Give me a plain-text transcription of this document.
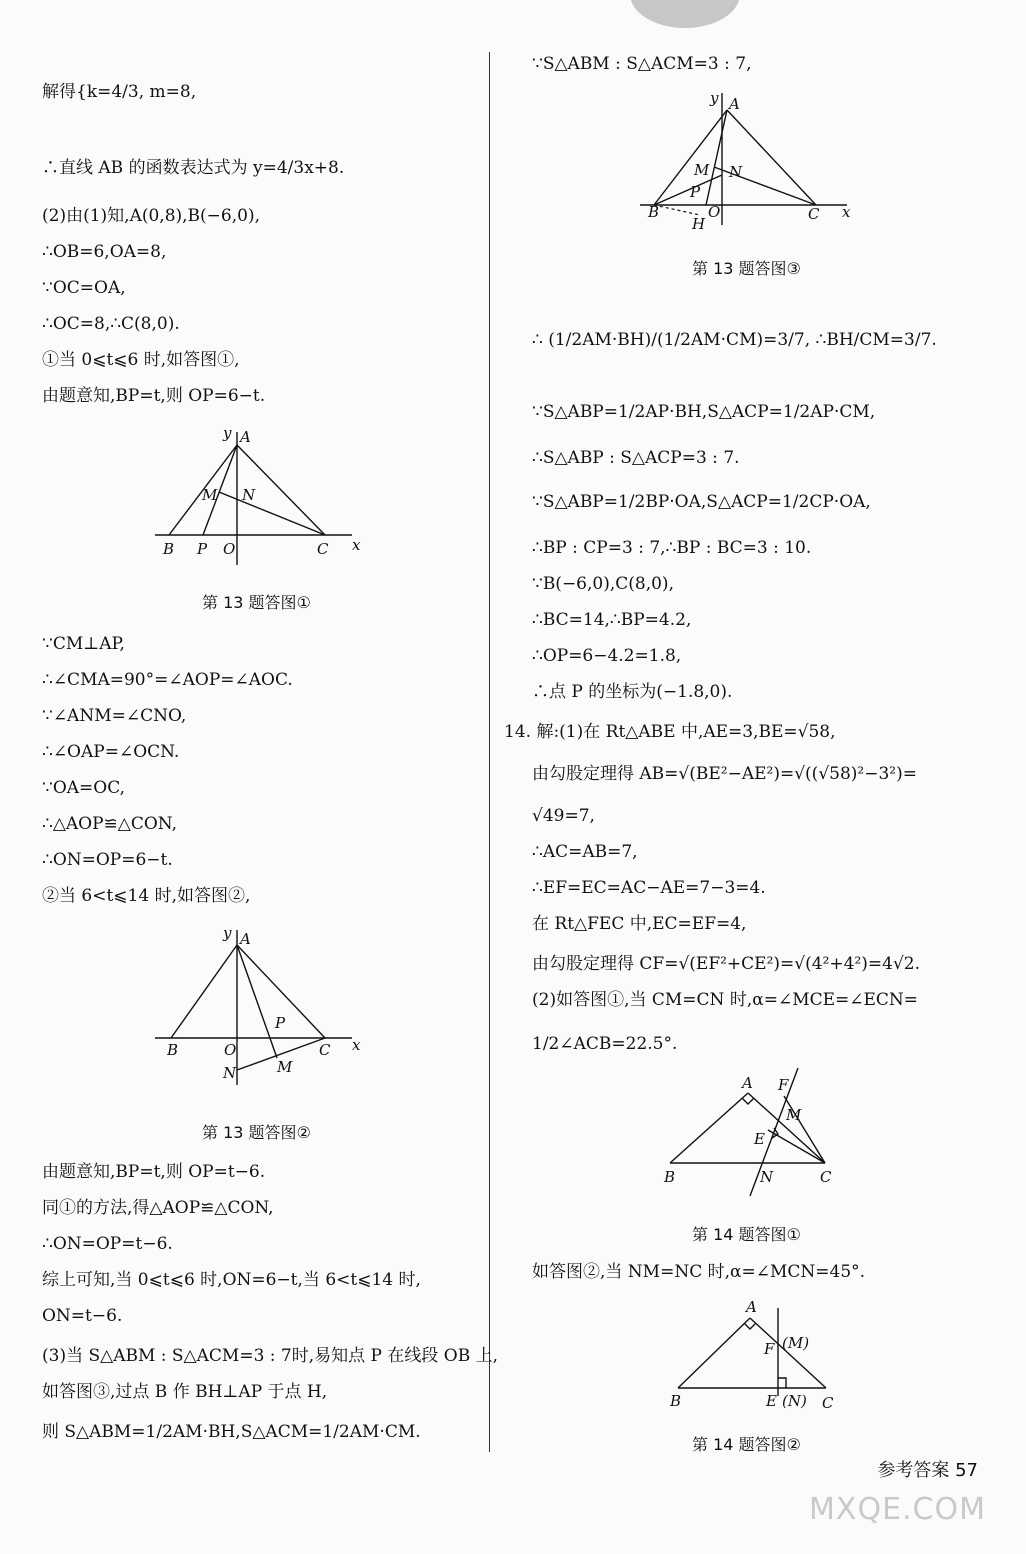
解得{k=4/3, m=8,
∴直线 AB 的函数表达式为 y=4/3x+8.
(2)由(1)知,A(0,8),B(−6,0),
∴OB=6,OA=8,
∵OC=OA,
∴OC=8,∴C(8,0).
①当 0⩽t⩽6 时,如答图①,
由题意知,BP=t,则 OP=6−t.
y A
M N
B P O	C x
第 13 题答图①
∵CM⊥AP,
∴∠CMA=90°=∠AOP=∠AOC.
∵∠ANM=∠CNO,
∴∠OAP=∠OCN.
∵OA=OC,
∴△AOP≌△CON,
∴ON=OP=6−t.
②当 6<t⩽14 时,如答图②,
y A
P
B	O	C x
N	M
第 13 题答图②
由题意知,BP=t,则 OP=t−6.
同①的方法,得△AOP≌△CON,
∴ON=OP=t−6.
综上可知,当 0⩽t⩽6 时,ON=6−t,当 6<t⩽14 时,
ON=t−6.
(3)当 S△ABM : S△ACM=3 : 7时,易知点 P 在线段 OB 上,
如答图③,过点 B 作 BH⊥AP 于点 H,
则 S△ABM=1/2AM·BH,S△ACM=1/2AM·CM.
∵S△ABM : S△ACM=3 : 7,
y A
M N
P
B	O
H
C x
第 13 题答图③
∴ (1/2AM·BH)/(1/2AM·CM)=3/7, ∴BH/CM=3/7.
∵S△ABP=1/2AP·BH,S△ACP=1/2AP·CM,
∴S△ABP : S△ACP=3 : 7.
∵S△ABP=1/2BP·OA,S△ACP=1/2CP·OA,
∴BP : CP=3 : 7,∴BP : BC=3 : 10.
∵B(−6,0),C(8,0),
∴BC=14,∴BP=4.2,
∴OP=6−4.2=1.8,
∴点 P 的坐标为(−1.8,0).
14. 解:(1)在 Rt△ABE 中,AE=3,BE=√58,
由勾股定理得 AB=√(BE²−AE²)=√((√58)²−3²)=
√49=7,
∴AC=AB=7,
∴EF=EC=AC−AE=7−3=4.
在 Rt△FEC 中,EC=EF=4,
由勾股定理得 CF=√(EF²+CE²)=√(4²+4²)=4√2.
(2)如答图①,当 CM=CN 时,α=∠MCE=∠ECN=
1/2∠ACB=22.5°.
A F
M
E
B	N	C
第 14 题答图①
如答图②,当 NM=NC 时,α=∠MCN=45°.
A
F (M)
B	E (N) C
第 14 题答图②
参考答案 57
MXQE.COM
